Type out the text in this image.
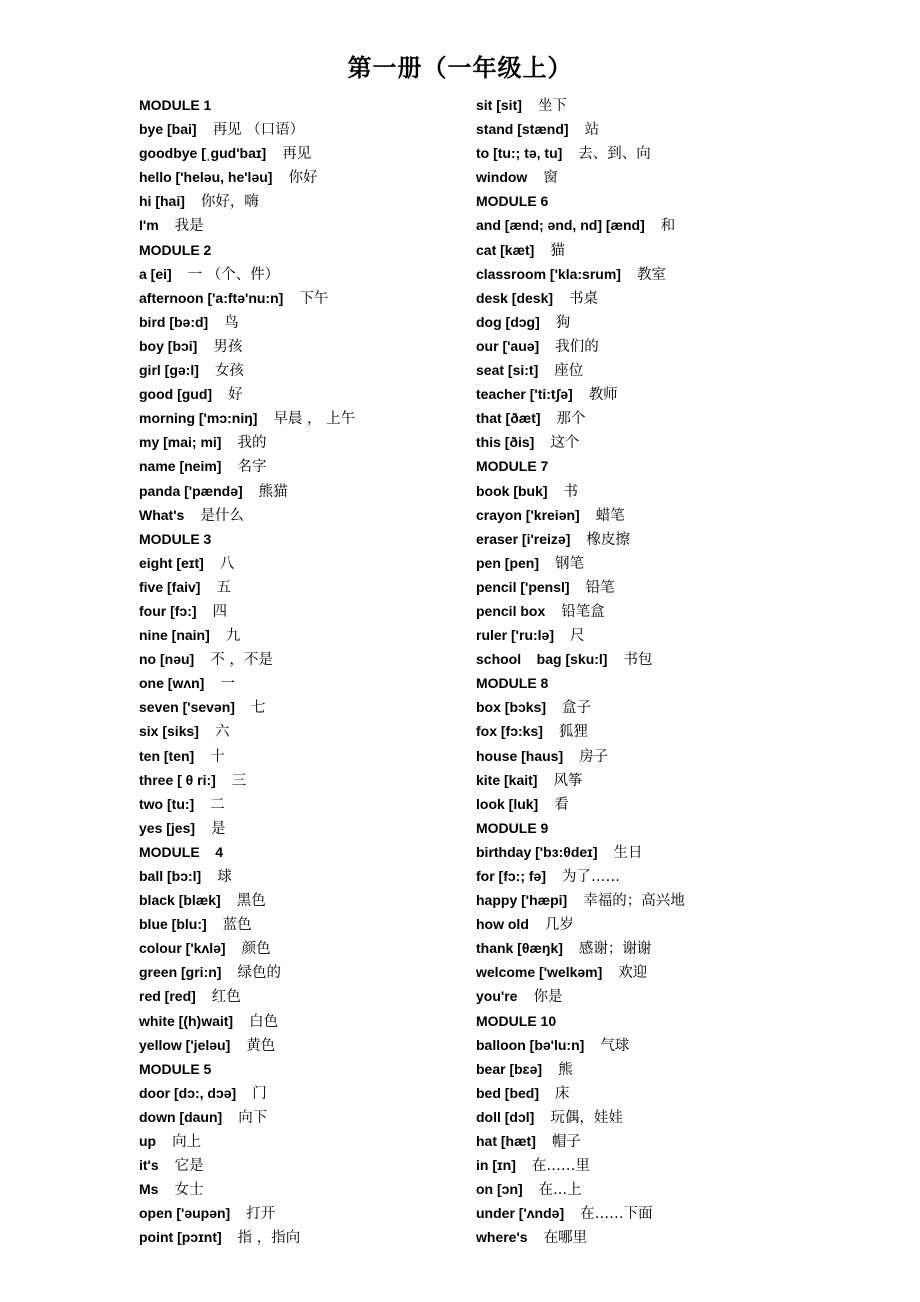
第一册（一年级上）
MODULE 1
bye [bai] 再见 （口语）
goodbye [ˌgud'baɪ] 再见
hello ['heləu, he'ləu] 你好
hi [hai] 你好，嗨
I'm 我是
MODULE 2
a [ei] 一 （个、件）
afternoon ['a:ftə'nu:n] 下午
bird [bə:d] 鸟
boy [bɔi] 男孩
girl [gə:l] 女孩
good [gud] 好
morning ['mɔ:niŋ] 早晨 ， 上午
my [mai; mi] 我的
name [neim] 名字
panda ['pændə] 熊猫
What's 是什么
MODULE 3
eight [eɪt] 八
five [faiv] 五
four [fɔ:] 四
nine [nain] 九
no [nəu] 不 ，不是
one [wʌn] 一
seven ['sevən] 七
six [siks] 六
ten [ten] 十
three [ θ ri:] 三
two [tu:] 二
yes [jes] 是
MODULE    4
ball [bɔ:l] 球
black [blæk] 黑色
blue [blu:] 蓝色
colour ['kʌlə] 颜色
green [gri:n] 绿色的
red [red] 红色
white [(h)wait] 白色
yellow ['jeləu] 黄色
MODULE 5
door [dɔ:, dɔə] 门
down [daun] 向下
up 向上
it's 它是
Ms 女士
open ['əupən] 打开
point [pɔɪnt] 指 ，指向
sit [sit] 坐下
stand [stænd] 站
to [tu:; tə, tu] 去、到、向
window 窗
MODULE 6
and [ænd; ənd, nd] [ænd] 和
cat [kæt] 猫
classroom ['kla:srum] 教室
desk [desk] 书桌
dog [dɔg] 狗
our ['auə] 我们的
seat [si:t] 座位
teacher ['ti:tʃə] 教师
that [ðæt] 那个
this [ðis] 这个
MODULE 7
book [buk] 书
crayon ['kreiən] 蜡笔
eraser [i'reizə] 橡皮擦
pen [pen] 钢笔
pencil ['pensl] 铅笔
pencil box 铅笔盒
ruler ['ru:lə] 尺
school    bag [sku:l] 书包
MODULE 8
box [bɔks] 盒子
fox [fɔ:ks] 狐狸
house [haus] 房子
kite [kait] 风筝
look [luk] 看
MODULE 9
birthday ['bɜ:θdeɪ] 生日
for [fɔ:; fə] 为了……
happy ['hæpi] 幸福的；高兴地
how old 几岁
thank [θæŋk] 感谢；谢谢
welcome ['welkəm] 欢迎
you're 你是
MODULE 10
balloon [bə'lu:n] 气球
bear [bɛə] 熊
bed [bed] 床
doll [dɔl] 玩偶，娃娃
hat [hæt] 帽子
in [ɪn] 在……里
on [ɔn] 在...上
under ['ʌndə] 在……下面
where's 在哪里
